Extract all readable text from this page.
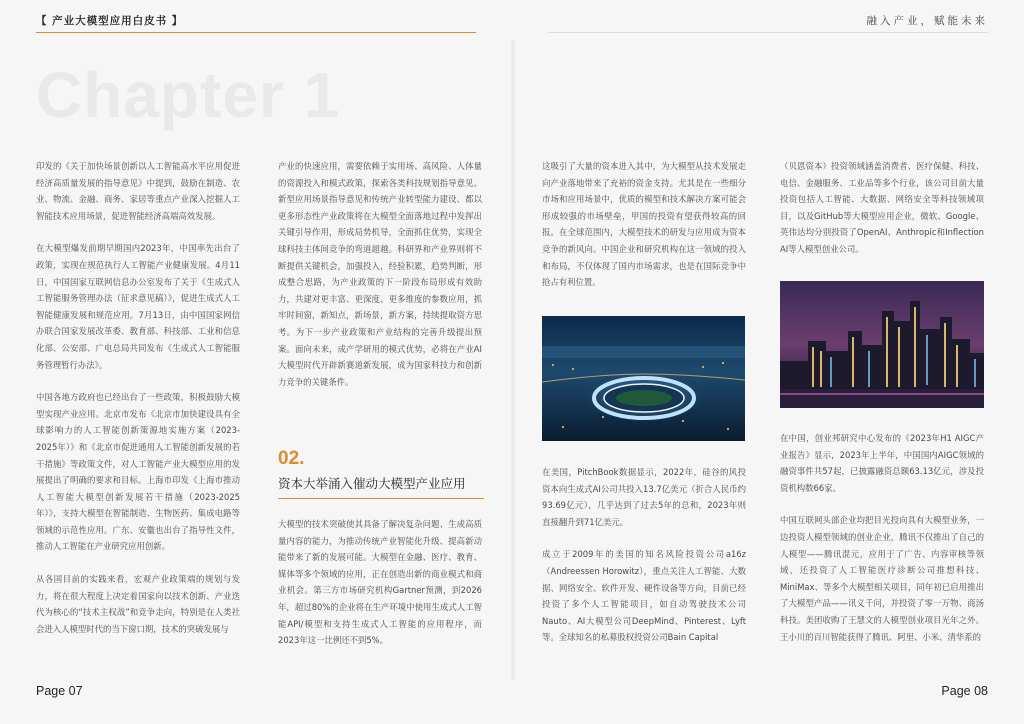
【 产业大模型应用白皮书 】	融入产业，赋能未来
Chapter 1

印发的《关于加快场景创新以人工智能高水平应用促进经济高质量发展的指导意见》中提到，鼓励在制造、农业、物流、金融、商务、家居等重点产业深入挖掘人工智能技术应用场景，促进智能经济高端高效发展。

在大模型爆发前期早期国内2023年，中国率先出台了政策，实现在规范执行人工智能产业健康发展。4月11日，中国国家互联网信息办公室发布了关于《生成式人工智能服务管理办法（征求意见稿）》，促进生成式人工智能健康发展和规范应用。7月13日，由中国国家网信办联合国家发展改革委、教育部、科技部、工业和信息化部、公安部、广电总局共同发布《生成式人工智能服务管理暂行办法》。

中国各地方政府也已经出台了一些政策，积极鼓励大模型实现产业应用。北京市发布《北京市加快建设具有全球影响力的人工智能创新策源地实施方案（2023-2025年）》和《北京市促进通用人工智能创新发展的若干措施》等政策文件，对人工智能产业大模型应用的发展提出了明确的要求和目标。上海市印发《上海市推动人工智能大模型创新发展若干措施（2023-2025年）》，支持大模型在智能制造、生物医药、集成电路等领域的示范性应用。广东、安徽也出台了指导性文件，推动人工智能在产业研究应用创新。

从各国目前的实践来看，宏观产业政策端的规划与发力，将在很大程度上决定着国家向以技术创新、产业迭代为核心的“技术主权战”和竞争走向，特别是在人类社会进入人模型时代的当下窗口期，技术的突破发展与

产业的快速应用，需要依赖于实用场、高风险、人体量的资源投入和模式政策，探索各类科技规划指导意见。新型应用场景指导意见和传统产业转型能力建设、都以更多形态性产业政策将在大模型全面落地过程中发挥出关键引导作用，形成局势机导，全面抓住优势，实现全球科技主体间竞争的弯道超越。科研界和产业界则将不断提供关键机会，加强投入，经验积累，趋势判断，形成整合思路，为产业政策的下一阶段布局形成有效助力，共建对更丰富、更深度、更多维度的参数应用，抓牢时间窗，新知点，新场景，新方案，持续提取资方思考。为下一步产业政策和产业结构的完善升级提出预案。面向未来，成产学研用的模式优势，必将在产业AI大模型时代开辟新赛道新发展，成为国家科技力和创新力竞争的关键条件。

02.
资本大举涌入催动大模型产业应用

大模型的技术突破使其具备了解决复杂问题、生成高质量内容的能力，为推动传统产业智能化升级、提高新动能带来了新的发展可能。大模型在金融、医疗、教育、媒体等多个领域的应用，正在创造出新的商业模式和商业机会。第三方市场研究机构Gartner预测，到2026年，超过80%的企业将在生产环境中使用生成式人工智能API/模型和支持生成式人工智能的应用程序，而2023年这一比例还不到5%。

这吸引了大量的资本进入其中，为大模型从技术发展走向产业落地带来了充裕的资金支持。尤其是在一些细分市场和应用场景中，优质的模型和技术解决方案可能会形成较强的市场壁垒，甲国的投资有望获得较高的回报。在全球范围内，大模型技术的研发与应用成为资本竞争的新风向。中国企业和研究机构在这一领域的投入和布局，不仅体现了国内市场需求，也是在国际竞争中抢占有利位置。

在美国，PitchBook数据显示，2022年，硅谷的风投资本向生成式AI公司共投入13.7亿美元（折合人民币约93.69亿元），几乎达到了过去5年的总和，2023年则直接翻升到71亿美元。

成立于2009年的美国的知名风险投资公司a16z（Andreessen Horowitz），重点关注人工智能、大数据、网络安全、软件开发、硬件设备等方向，目前已经投资了多个人工智能项目，如自动驾驶技术公司Nauto、AI大模型公司DeepMind、Pinterest、Lyft等。全球知名的私募股权投资公司Bain Capital

（贝恩资本）投资领域涵盖消费者、医疗保健、科技、电信、金融服务、工业品等多个行业，该公司目前大量投资包括人工智能、大数据、网络安全等科技领域项目，以及GitHub等大模型应用企业，微软、Google、英伟达均分别投资了OpenAI、Anthropic和Inflection AI等人模型创业公司。

在中国，创业邦研究中心发布的《2023年H1 AIGC产业报告》显示，2023年上半年，中国国内AIGC领域的融资事件共57起，已披露融资总额63.13亿元，涉及投资机构数66家。

中国互联网头部企业均把目光投向具有大模型业务，一边投资人模型领域的创业企业，腾讯不仅推出了自己的人模型——腾讯混元，应用于了广告、内容审核等领域，还投资了人工智能医疗诊断公司推想科技、MiniMax、等多个大模型相关项目，同年初已启用推出了大模型产品——讯义千问，并投资了零一万物、商汤科技。美团收购了王慧文的人模型创业项目光年之外。王小川的百川智能获得了腾讯、阿里、小米、清华系的

Page 07	Page 08
